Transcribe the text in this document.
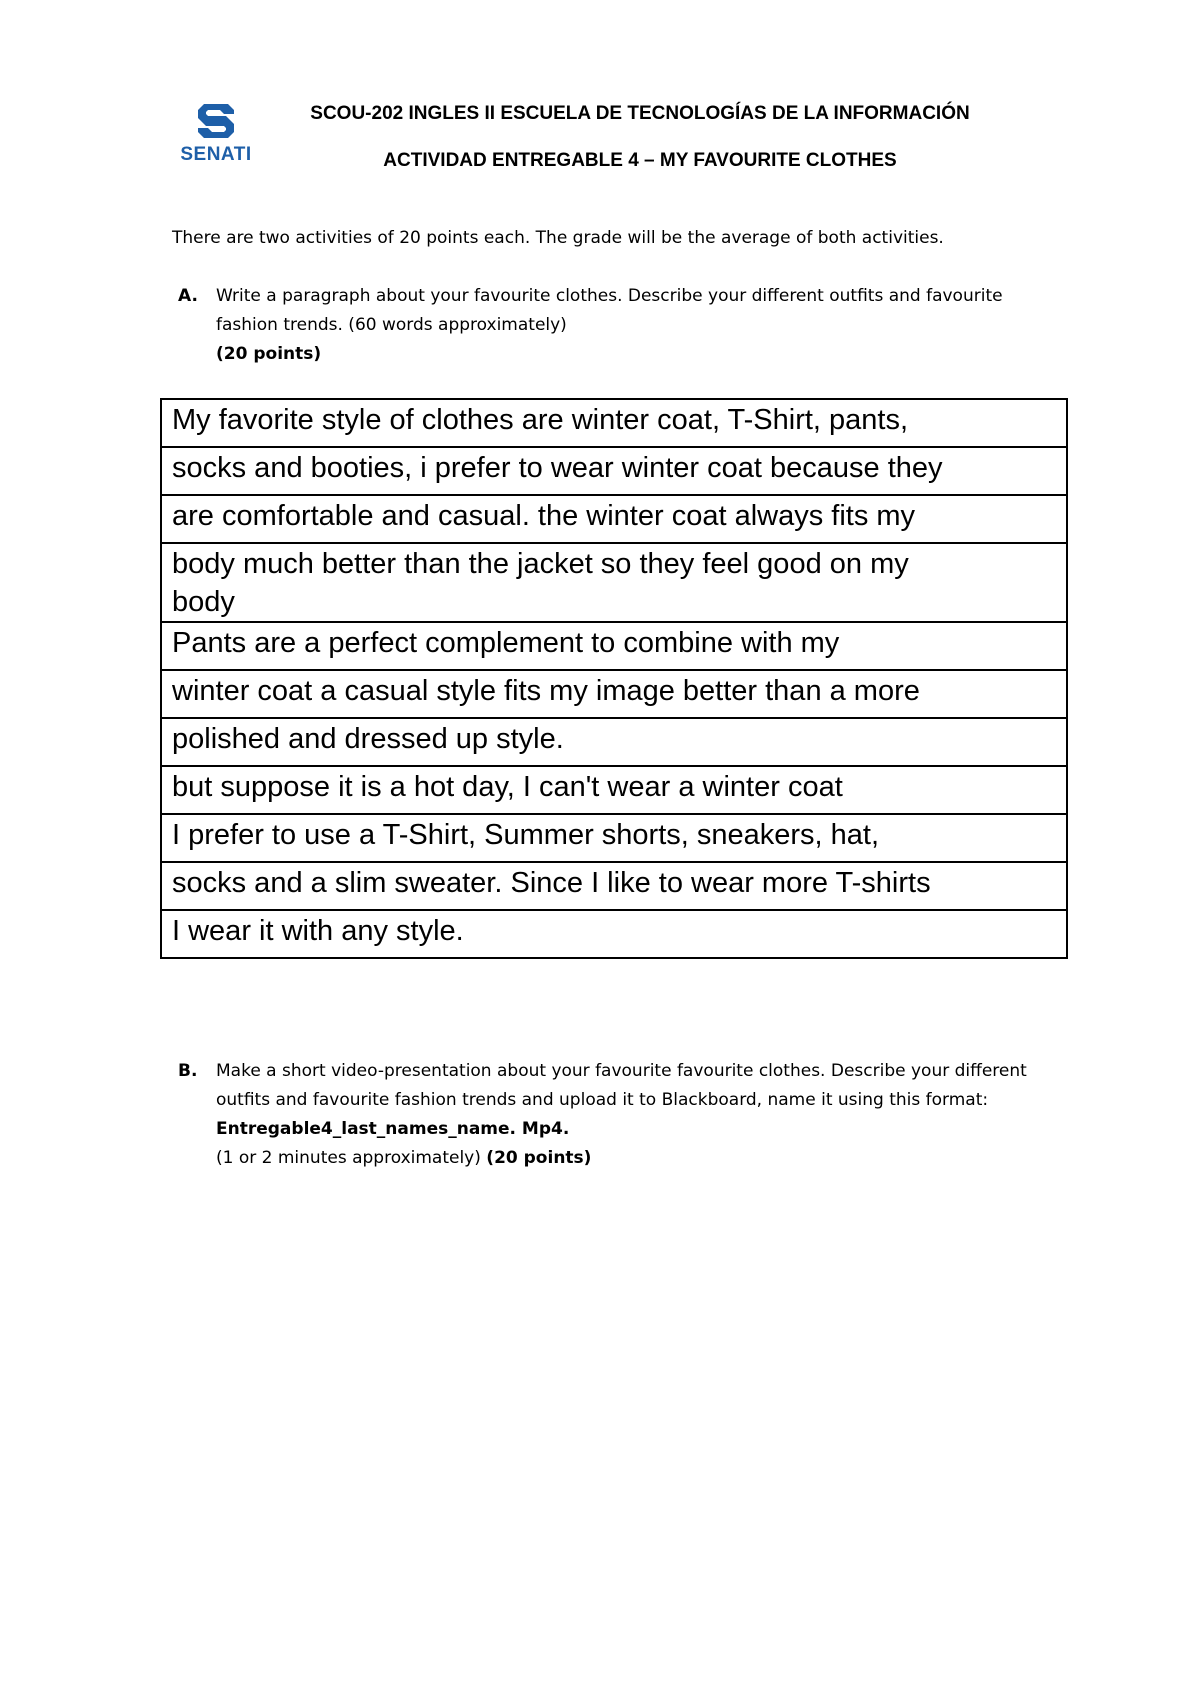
SENATI
SCOU-202 INGLES II ESCUELA DE TECNOLOGÍAS DE LA INFORMACIÓN
ACTIVIDAD ENTREGABLE 4 – MY FAVOURITE CLOTHES
There are two activities of 20 points each. The grade will be the average of both activities.
A. Write a paragraph about your favourite clothes. Describe your different outfits and favourite
fashion trends. (60 words approximately)
(20 points)
My favorite style of clothes are winter coat, T-Shirt, pants,
socks and booties, i prefer to wear winter coat because they
are comfortable and casual. the winter coat always fits my
body much better than the jacket so they feel good on my
body

Pants are a perfect complement to combine with my
winter coat a casual style fits my image better than a more
polished and dressed up style.
but suppose it is a hot day, I can't wear a winter coat
I prefer to use a T-Shirt, Summer shorts, sneakers, hat,
socks and a slim sweater. Since I like to wear more T-shirts
I wear it with any style.
B. Make a short video-presentation about your favourite favourite clothes. Describe your different
outfits and favourite fashion trends and upload it to Blackboard, name it using this format:
Entregable4_last_names_name. Mp4.
(1 or 2 minutes approximately) (20 points)
